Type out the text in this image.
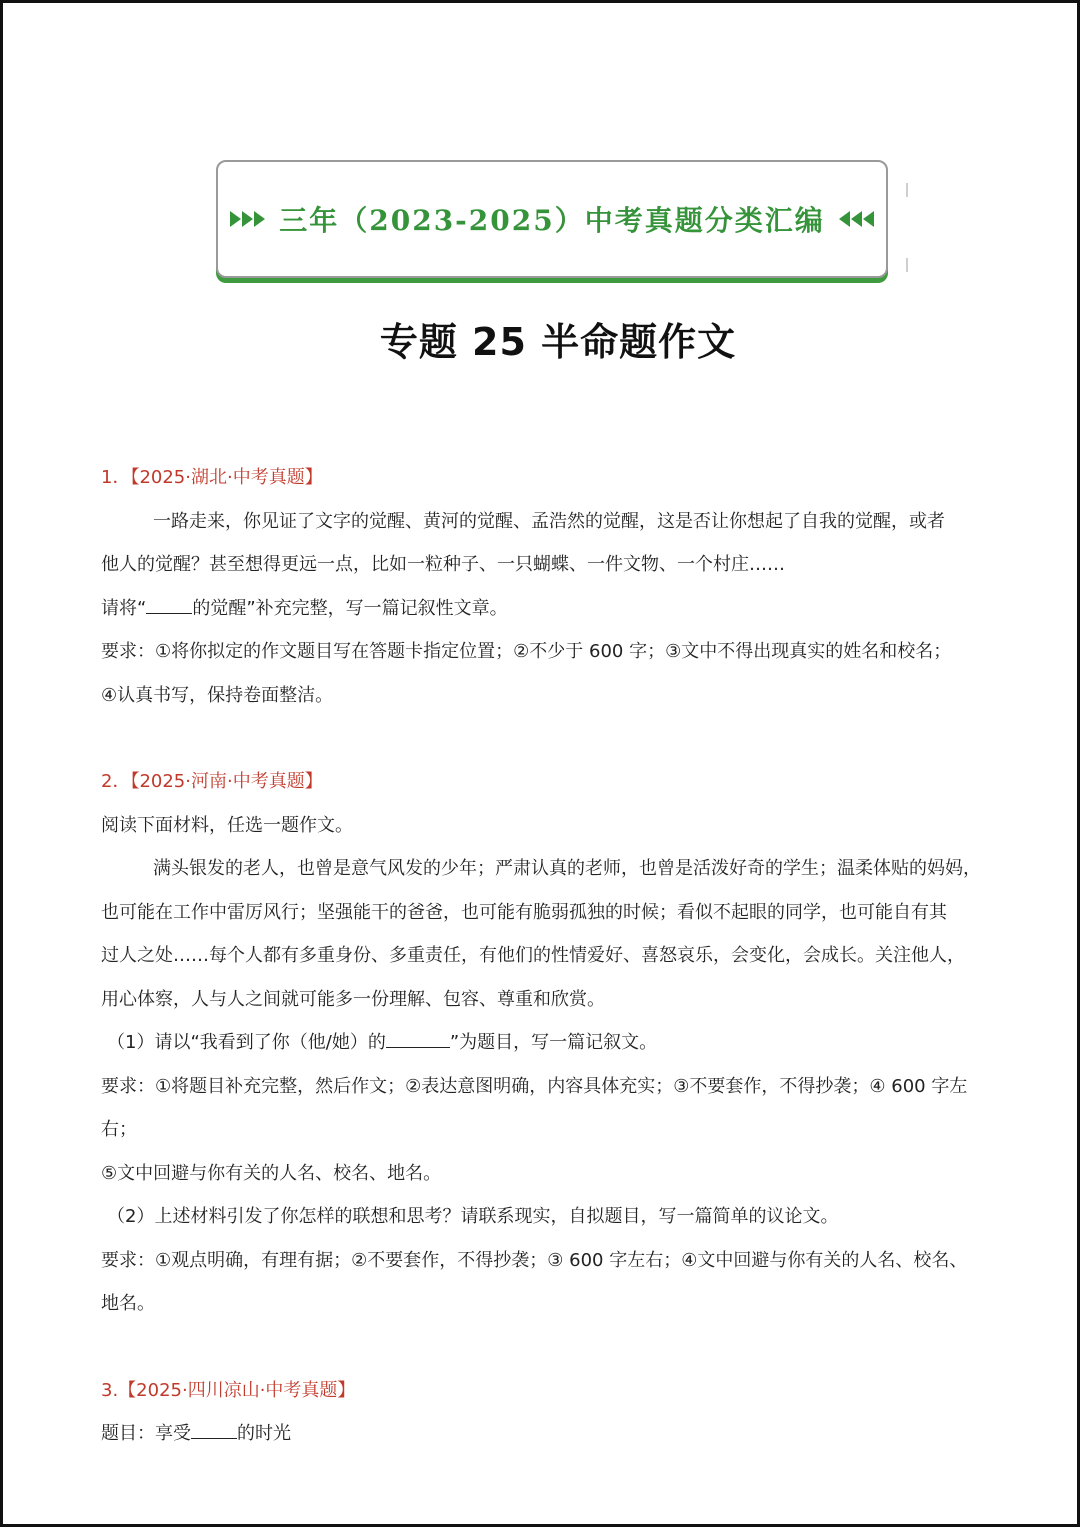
三年（2023-2025）中考真题分类汇编
专题 25 半命题作文

1．【2025·湖北·中考真题】

一路走来，你见证了文字的觉醒、黄河的觉醒、孟浩然的觉醒，这是否让你想起了自我的觉醒，或者

他人的觉醒？甚至想得更远一点，比如一粒种子、一只蝴蝶、一件文物、一个村庄……

请将“	的觉醒”补充完整，写一篇记叙性文章。

要求：①将你拟定的作文题目写在答题卡指定位置；②不少于 600 字；③文中不得出现真实的姓名和校名；

④认真书写，保持卷面整洁。

2．【2025·河南·中考真题】

阅读下面材料，任选一题作文。

满头银发的老人，也曾是意气风发的少年；严肃认真的老师，也曾是活泼好奇的学生；温柔体贴的妈妈，

也可能在工作中雷厉风行；坚强能干的爸爸，也可能有脆弱孤独的时候；看似不起眼的同学，也可能自有其

过人之处……每个人都有多重身份、多重责任，有他们的性情爱好、喜怒哀乐，会变化，会成长。关注他人，

用心体察，人与人之间就可能多一份理解、包容、尊重和欣赏。

（1）请以“我看到了你（他/她）的	”为题目，写一篇记叙文。

要求：①将题目补充完整，然后作文；②表达意图明确，内容具体充实；③不要套作，不得抄袭；④ 600 字左右；

⑤文中回避与你有关的人名、校名、地名。

（2）上述材料引发了你怎样的联想和思考？请联系现实，自拟题目，写一篇简单的议论文。

要求：①观点明确，有理有据；②不要套作，不得抄袭；③ 600 字左右；④文中回避与你有关的人名、校名、

地名。

3.【2025·四川凉山·中考真题】

题目：享受	的时光
